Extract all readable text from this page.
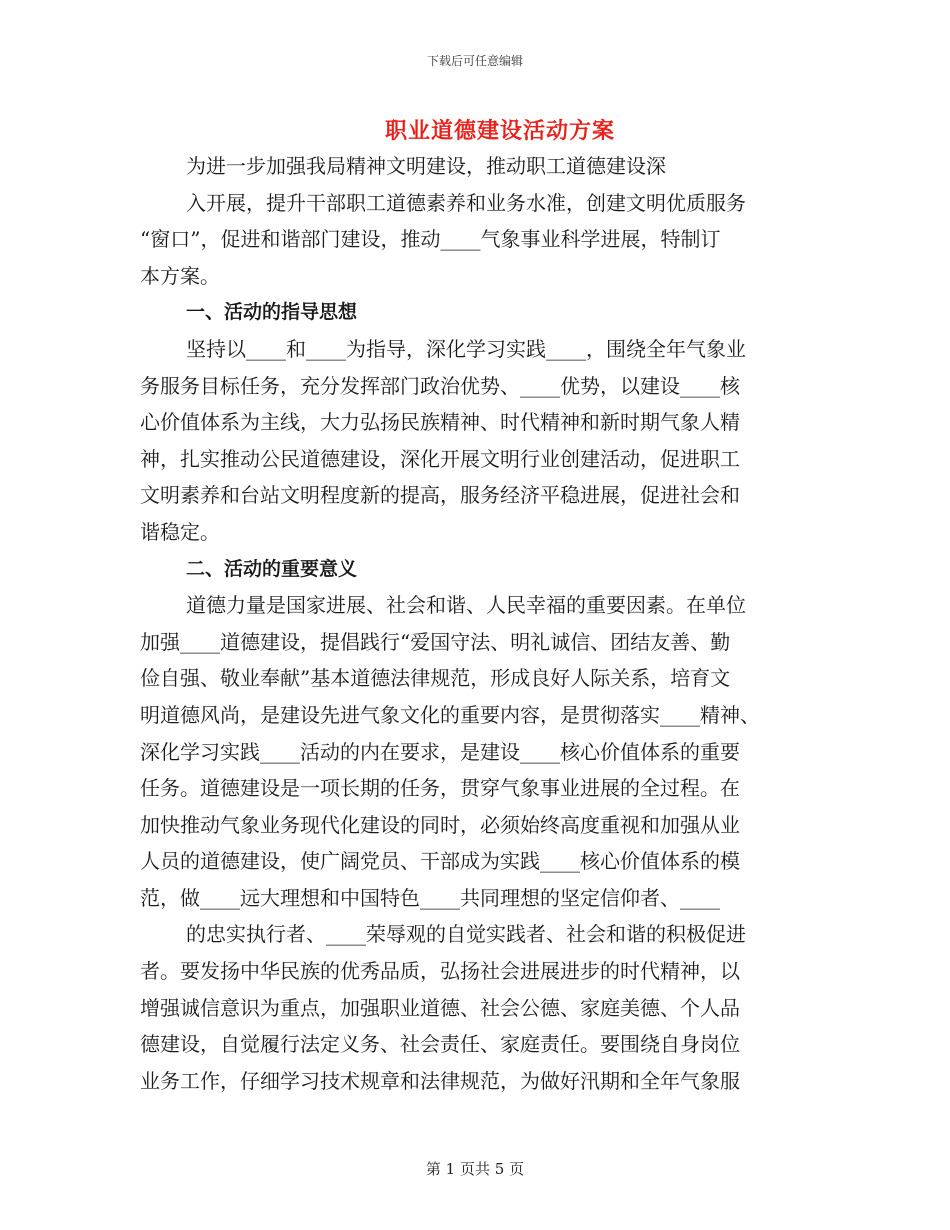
下载后可任意编辑
职业道德建设活动方案
为进一步加强我局精神文明建设，推动职工道德建设深
入开展，提升干部职工道德素养和业务水准，创建文明优质服务
“窗口”，促进和谐部门建设，推动____气象事业科学进展，特制订
本方案。
一、活动的指导思想
坚持以____和____为指导，深化学习实践____，围绕全年气象业
务服务目标任务，充分发挥部门政治优势、____优势，以建设____核
心价值体系为主线，大力弘扬民族精神、时代精神和新时期气象人精
神，扎实推动公民道德建设，深化开展文明行业创建活动，促进职工
文明素养和台站文明程度新的提高，服务经济平稳进展，促进社会和
谐稳定。
二、活动的重要意义
道德力量是国家进展、社会和谐、人民幸福的重要因素。在单位
加强____道德建设，提倡践行“爱国守法、明礼诚信、团结友善、勤
俭自强、敬业奉献”基本道德法律规范，形成良好人际关系，培育文
明道德风尚，是建设先进气象文化的重要内容，是贯彻落实____精神、
深化学习实践____活动的内在要求，是建设____核心价值体系的重要
任务。道德建设是一项长期的任务，贯穿气象事业进展的全过程。在
加快推动气象业务现代化建设的同时，必须始终高度重视和加强从业
人员的道德建设，使广阔党员、干部成为实践____核心价值体系的模
范，做____远大理想和中国特色____共同理想的坚定信仰者、____
的忠实执行者、____荣辱观的自觉实践者、社会和谐的积极促进
者。要发扬中华民族的优秀品质，弘扬社会进展进步的时代精神，以
增强诚信意识为重点，加强职业道德、社会公德、家庭美德、个人品
德建设，自觉履行法定义务、社会责任、家庭责任。要围绕自身岗位
业务工作，仔细学习技术规章和法律规范，为做好汛期和全年气象服
第 1 页共 5 页
